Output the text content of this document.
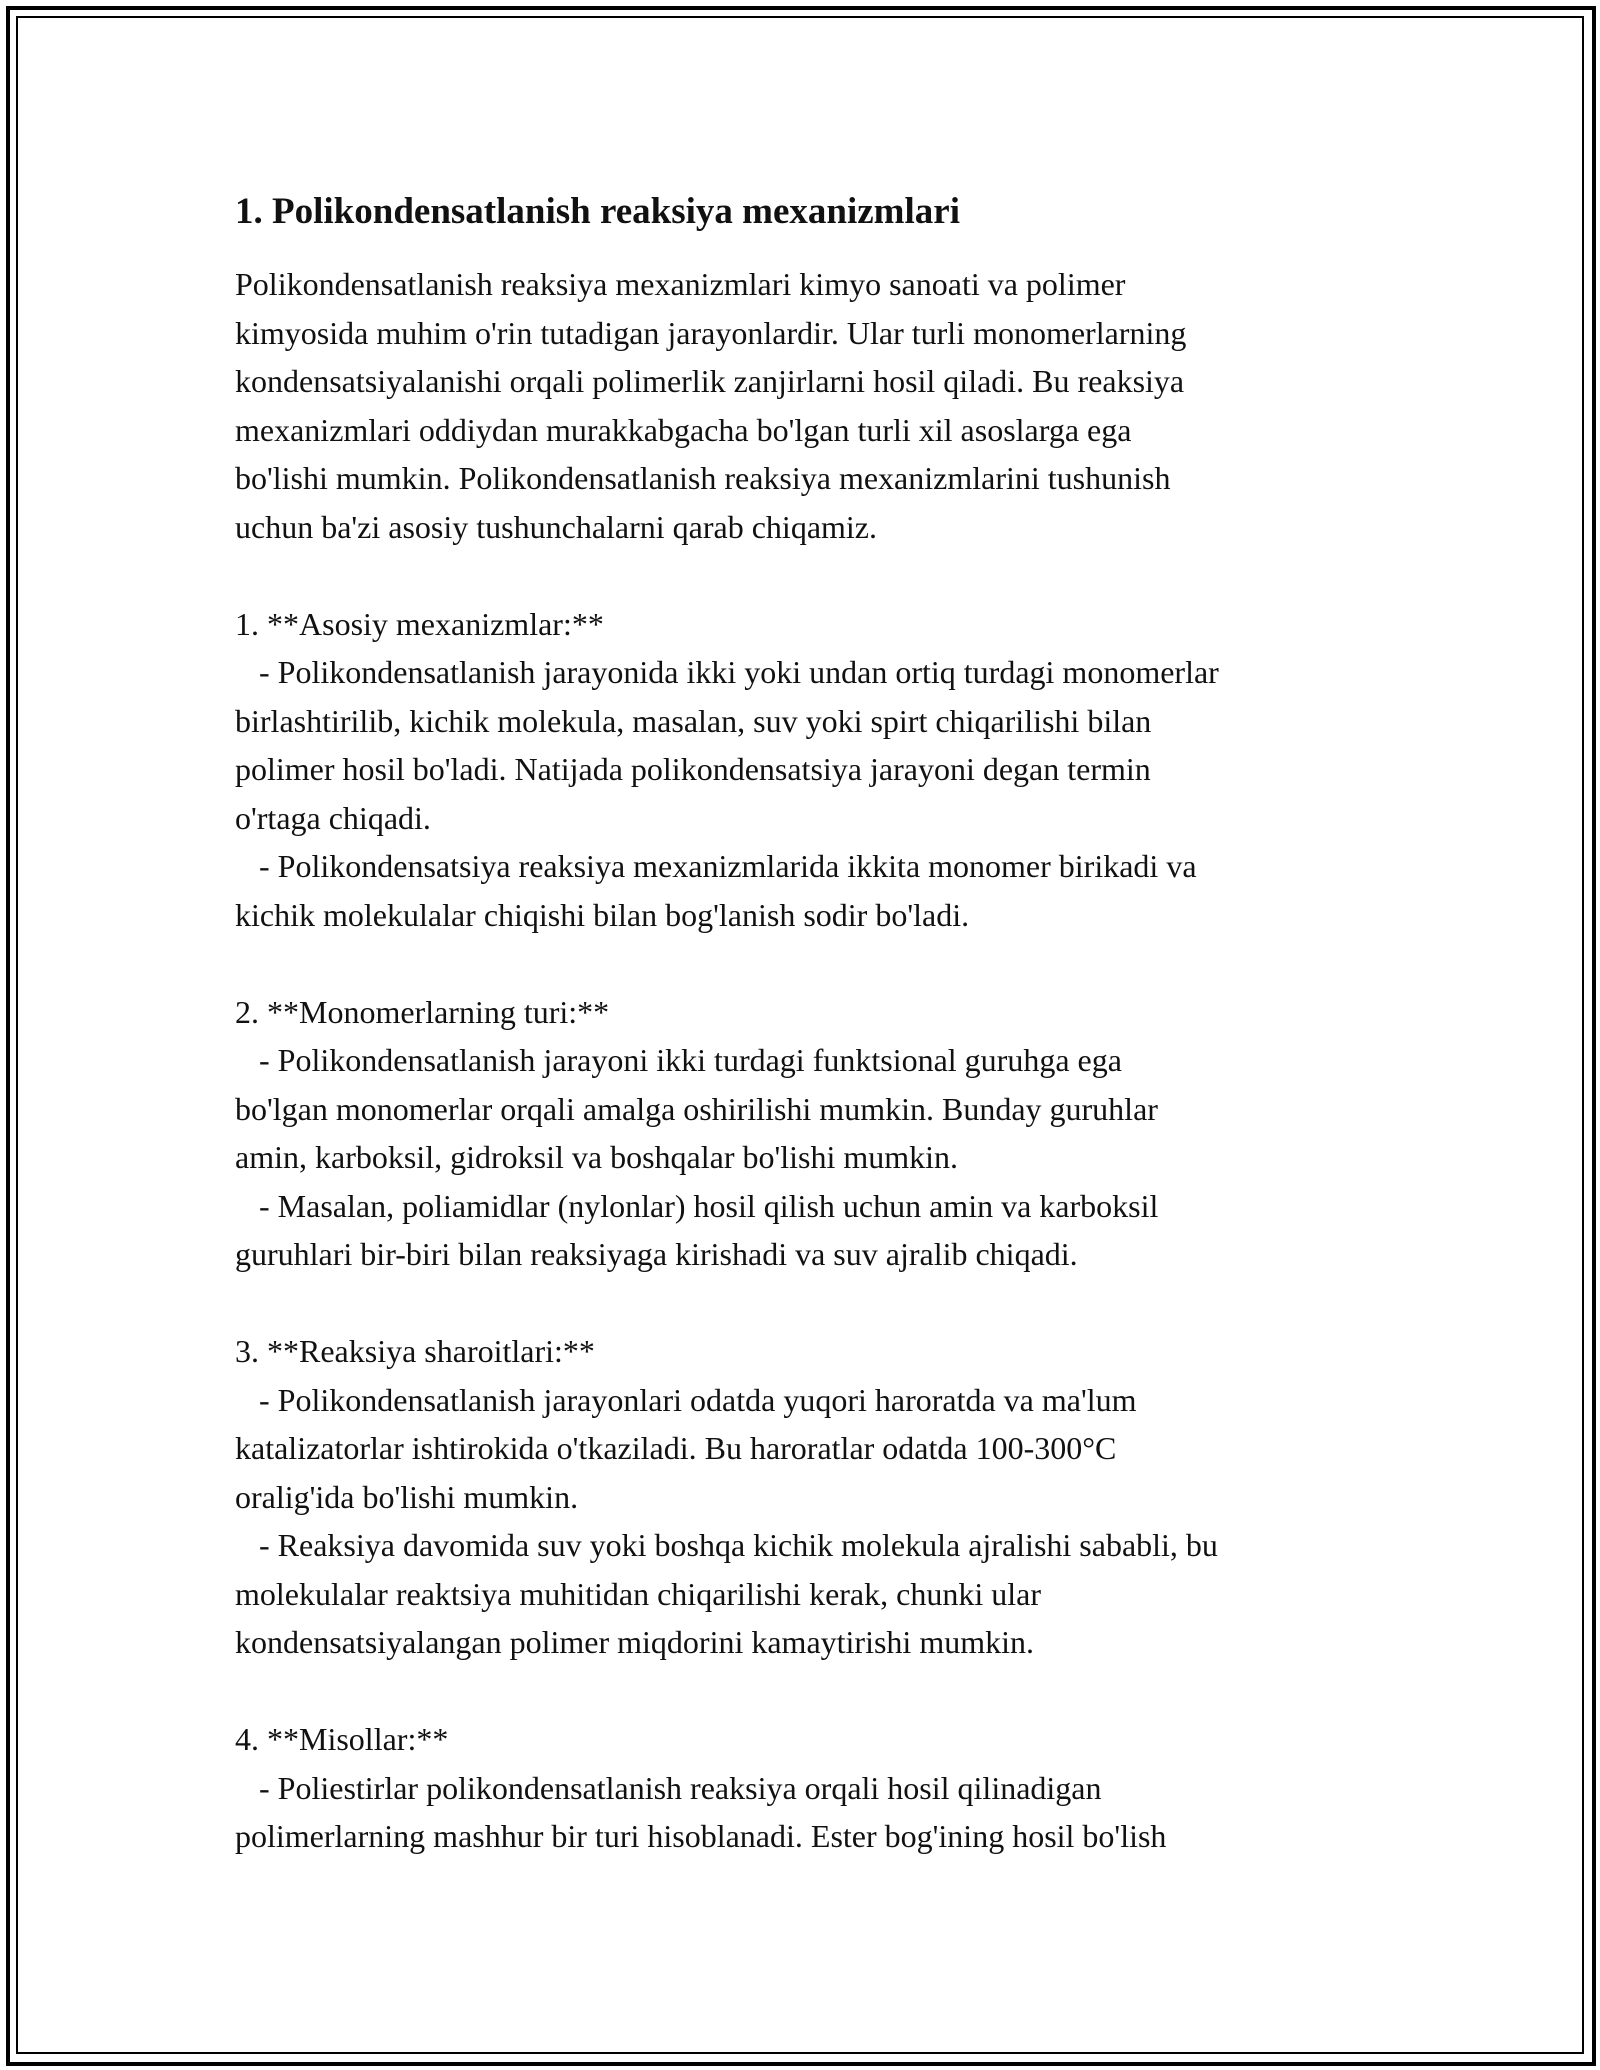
1. Polikondensatlanish reaksiya mexanizmlari
Polikondensatlanish reaksiya mexanizmlari kimyo sanoati va polimer
kimyosida muhim o'rin tutadigan jarayonlardir. Ular turli monomerlarning
kondensatsiyalanishi orqali polimerlik zanjirlarni hosil qiladi. Bu reaksiya
mexanizmlari oddiydan murakkabgacha bo'lgan turli xil asoslarga ega
bo'lishi mumkin. Polikondensatlanish reaksiya mexanizmlarini tushunish
uchun ba'zi asosiy tushunchalarni qarab chiqamiz.
1. **Asosiy mexanizmlar:**
- Polikondensatlanish jarayonida ikki yoki undan ortiq turdagi monomerlar
birlashtirilib, kichik molekula, masalan, suv yoki spirt chiqarilishi bilan
polimer hosil bo'ladi. Natijada polikondensatsiya jarayoni degan termin
o'rtaga chiqadi.
- Polikondensatsiya reaksiya mexanizmlarida ikkita monomer birikadi va
kichik molekulalar chiqishi bilan bog'lanish sodir bo'ladi.
2. **Monomerlarning turi:**
- Polikondensatlanish jarayoni ikki turdagi funktsional guruhga ega
bo'lgan monomerlar orqali amalga oshirilishi mumkin. Bunday guruhlar
amin, karboksil, gidroksil va boshqalar bo'lishi mumkin.
- Masalan, poliamidlar (nylonlar) hosil qilish uchun amin va karboksil
guruhlari bir-biri bilan reaksiyaga kirishadi va suv ajralib chiqadi.
3. **Reaksiya sharoitlari:**
- Polikondensatlanish jarayonlari odatda yuqori haroratda va ma'lum
katalizatorlar ishtirokida o'tkaziladi. Bu haroratlar odatda 100-300°C
oralig'ida bo'lishi mumkin.
- Reaksiya davomida suv yoki boshqa kichik molekula ajralishi sababli, bu
molekulalar reaktsiya muhitidan chiqarilishi kerak, chunki ular
kondensatsiyalangan polimer miqdorini kamaytirishi mumkin.
4. **Misollar:**
- Poliestirlar polikondensatlanish reaksiya orqali hosil qilinadigan
polimerlarning mashhur bir turi hisoblanadi. Ester bog'ining hosil bo'lish
